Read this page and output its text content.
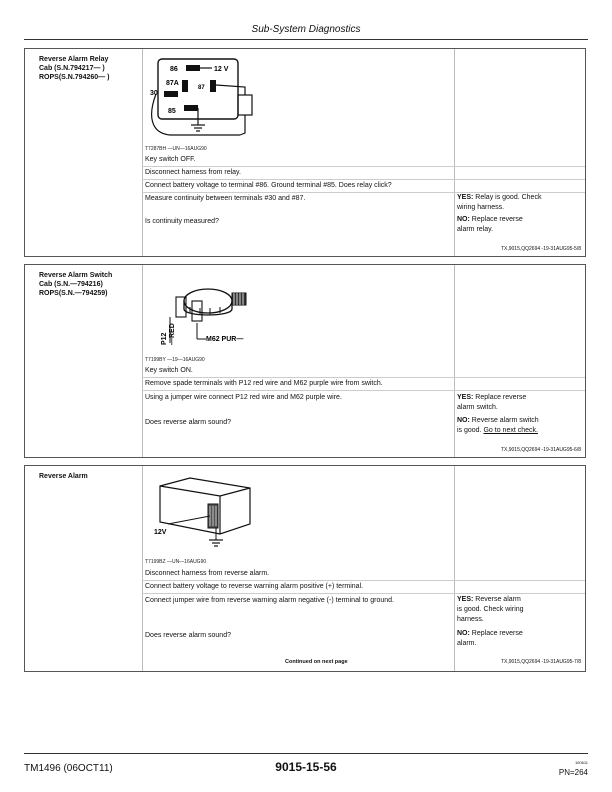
Sub-System Diagnostics
Reverse Alarm Relay
Cab (S.N.794217— )
ROPS(S.N.794260— )
86	12 V
87A
87
30
85
T7287BH —UN—16AUG90
Key switch OFF.
Disconnect harness from relay.
Connect battery voltage to terminal #86. Ground terminal #85. Does relay click?
Measure continuity between terminals #30 and #87.
Is continuity measured?
YES: Relay is good. Check
wiring harness.
NO: Replace reverse
alarm relay.
TX,9015,QQ2694 -19-31AUG95-5/8
Reverse Alarm Switch
Cab (S.N.—794216)
ROPS(S.N.—794259)
P12 —RED	M62 PUR—
T7199BY —19—16AUG90
Key switch ON.
Remove spade terminals with P12 red wire and M62 purple wire from switch.
Using a jumper wire connect P12 red wire and M62 purple wire.
Does reverse alarm sound?
YES: Replace reverse
alarm switch.
NO: Reverse alarm switch
is good. Go to next check.
TX,9015,QQ2694 -19-31AUG95-6/8
Reverse Alarm
12V
T7199BZ —UN—16AUG90
Disconnect harness from reverse alarm.
Connect battery voltage to reverse warning alarm positive (+) terminal.
Connect jumper wire from reverse warning alarm negative (-) terminal to ground.
Does reverse alarm sound?
YES: Reverse alarm
is good. Check wiring
harness.
NO: Replace reverse
alarm.
Continued on next page	TX,9015,QQ2694 -19-31AUG95-7/8
TM1496 (06OCT11)	9015-15-56	100611
PN=264
